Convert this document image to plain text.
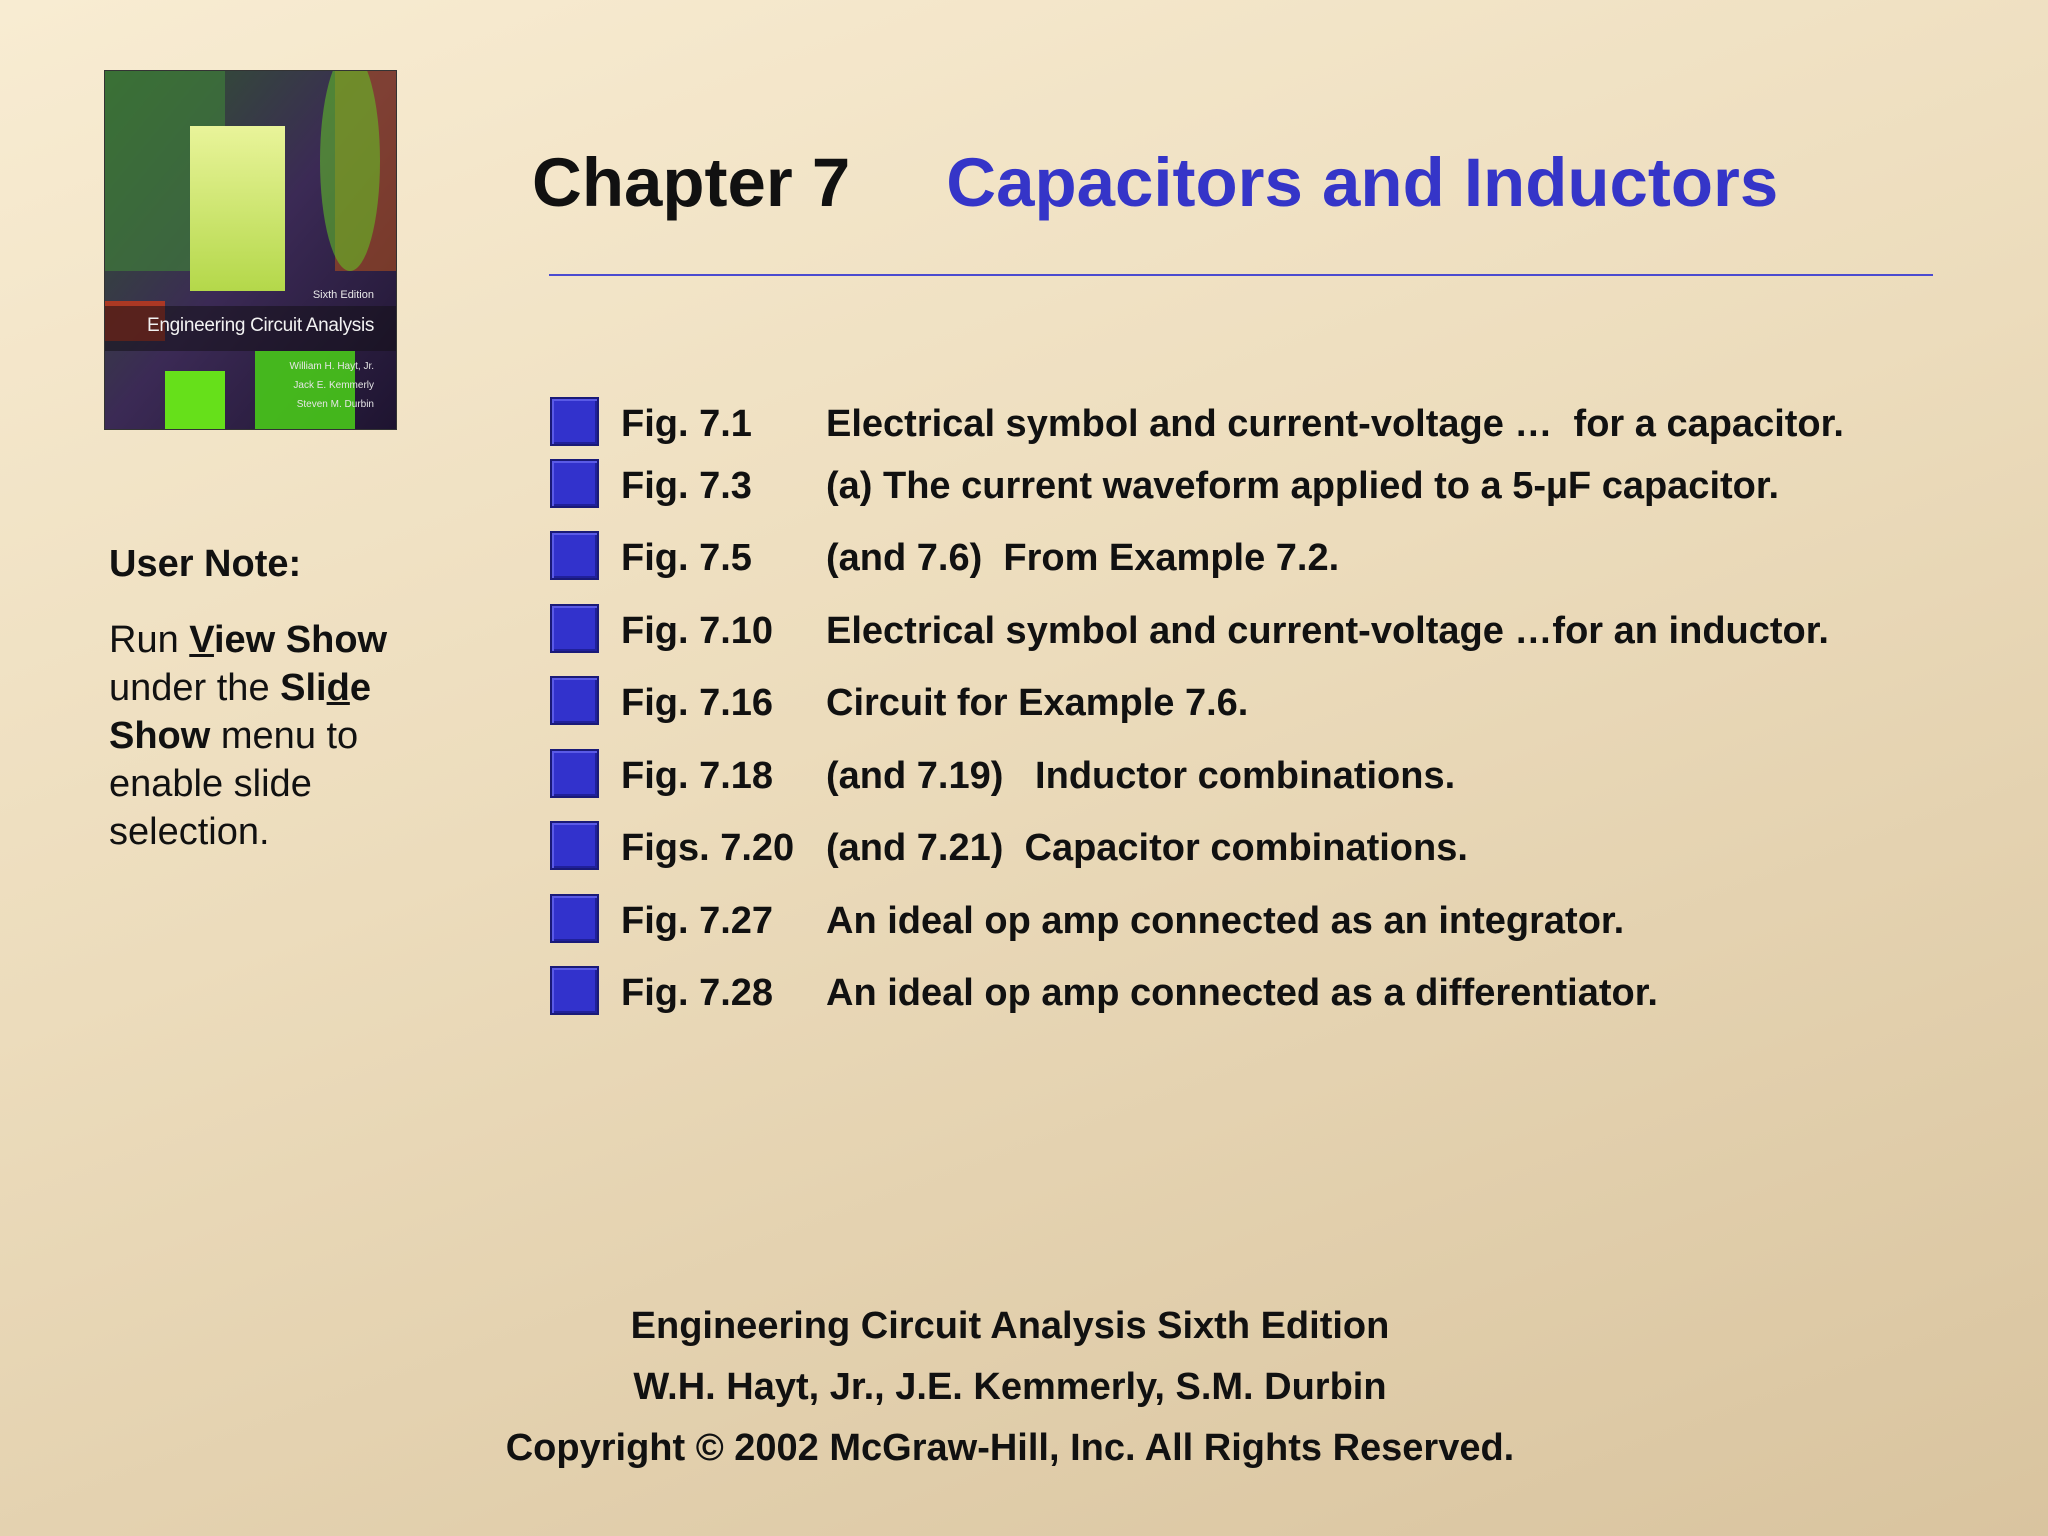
Sixth Edition
Engineering Circuit Analysis
William H. Hayt, Jr.
Jack E. Kemmerly
Steven M. Durbin
Chapter 7 Capacitors and Inductors
Fig. 7.1 Electrical symbol and current-voltage …  for a capacitor.
Fig. 7.3 (a) The current waveform applied to a 5-µF capacitor.
Fig. 7.5 (and 7.6)  From Example 7.2.
Fig. 7.10 Electrical symbol and current-voltage …for an inductor.
Fig. 7.16 Circuit for Example 7.6.
Fig. 7.18 (and 7.19)   Inductor combinations.
Figs. 7.20 (and 7.21)  Capacitor combinations.
Fig. 7.27 An ideal op amp connected as an integrator.
Fig. 7.28 An ideal op amp connected as a differentiator.
User Note:
Run View Show
under the Slide
Show menu to
enable slide
selection.
Engineering Circuit Analysis Sixth Edition
W.H. Hayt, Jr., J.E. Kemmerly, S.M. Durbin
Copyright © 2002 McGraw-Hill, Inc. All Rights Reserved.
